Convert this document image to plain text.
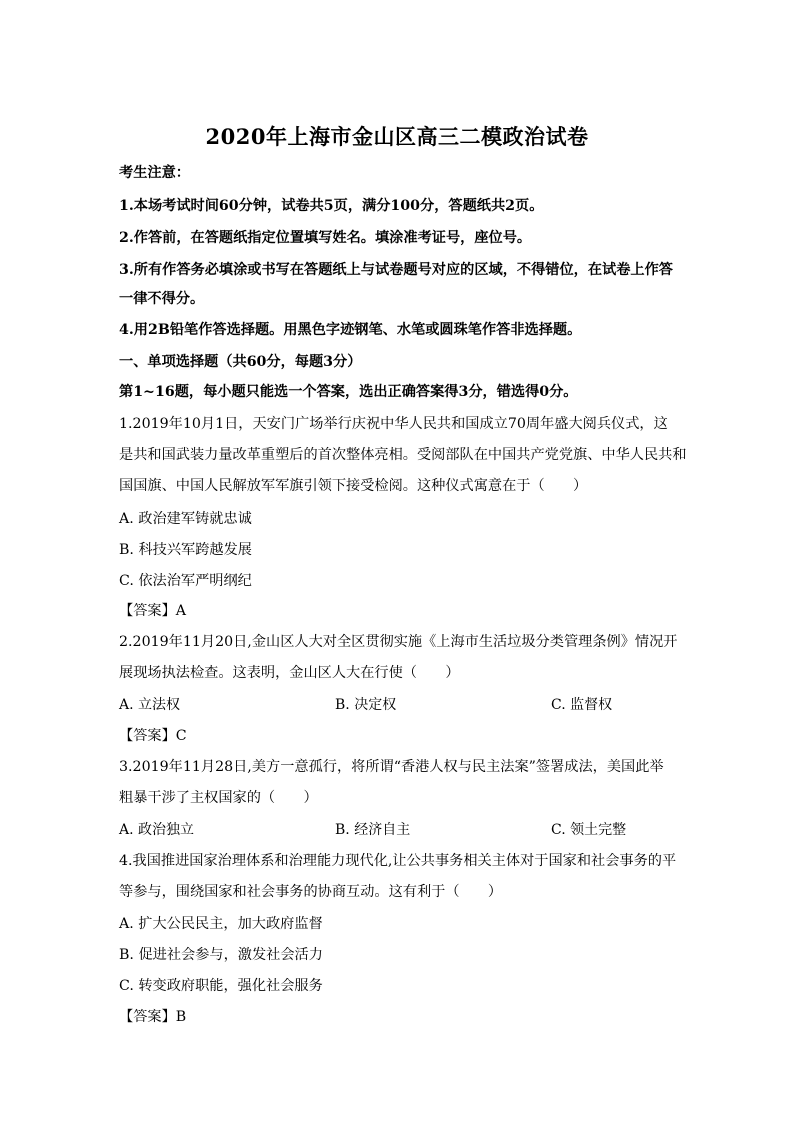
2020年上海市金山区高三二模政治试卷
考生注意：
1.本场考试时间60分钟，试卷共5页，满分100分，答题纸共2页。
2.作答前，在答题纸指定位置填写姓名。填涂准考证号，座位号。
3.所有作答务必填涂或书写在答题纸上与试卷题号对应的区域，不得错位，在试卷上作答
一律不得分。
4.用2B铅笔作答选择题。用黑色字迹钢笔、水笔或圆珠笔作答非选择题。
一、单项选择题（共60分，每题3分）
第1~16题，每小题只能选一个答案，选出正确答案得3分，错选得0分。
1.2019年10月1日，天安门广场举行庆祝中华人民共和国成立70周年盛大阅兵仪式，这
是共和国武装力量改革重塑后的首次整体亮相。受阅部队在中国共产党党旗、中华人民共和
国国旗、中国人民解放军军旗引领下接受检阅。这种仪式寓意在于（　　）
A. 政治建军铸就忠诚
B. 科技兴军跨越发展
C. 依法治军严明纲纪
【答案】A
2.2019年11月20日,金山区人大对全区贯彻实施《上海市生活垃圾分类管理条例》情况开
展现场执法检查。这表明，金山区人大在行使（　　）
A. 立法权	B. 决定权	C. 监督权
【答案】C
3.2019年11月28日,美方一意孤行，将所谓“香港人权与民主法案”签署成法，美国此举
粗暴干涉了主权国家的（　　）
A. 政治独立	B. 经济自主	C. 领土完整
4.我国推进国家治理体系和治理能力现代化,让公共事务相关主体对于国家和社会事务的平
等参与，围绕国家和社会事务的协商互动。这有利于（　　）
A. 扩大公民民主，加大政府监督
B. 促进社会参与，激发社会活力
C. 转变政府职能，强化社会服务
【答案】B
